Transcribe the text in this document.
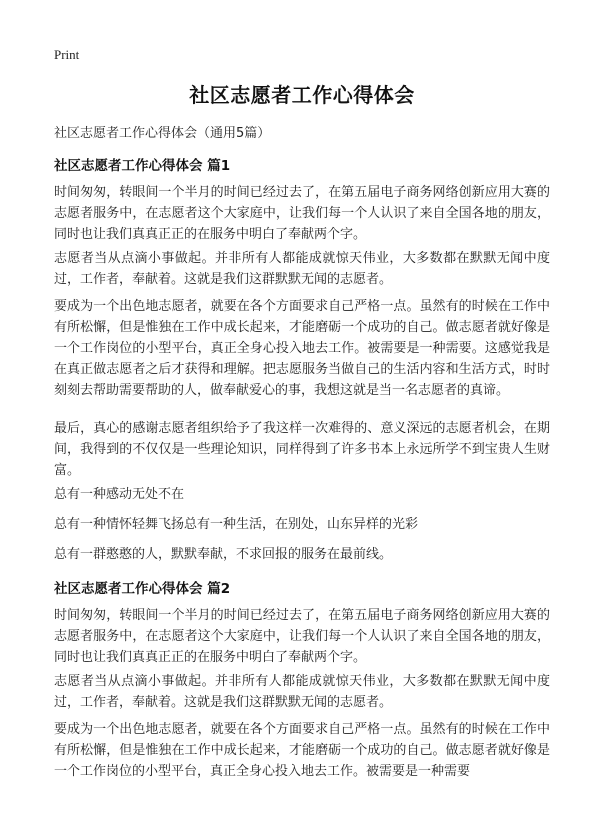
Print
社区志愿者工作心得体会
社区志愿者工作心得体会（通用5篇）
社区志愿者工作心得体会 篇1

时间匆匆，转眼间一个半月的时间已经过去了，在第五届电子商务网络创新应用大赛的志愿者服务中，在志愿者这个大家庭中，让我们每一个人认识了来自全国各地的朋友，同时也让我们真真正正的在服务中明白了奉献两个字。

志愿者当从点滴小事做起。并非所有人都能成就惊天伟业，大多数都在默默无闻中度过，工作者，奉献着。这就是我们这群默默无闻的志愿者。

要成为一个出色地志愿者，就要在各个方面要求自己严格一点。虽然有的时候在工作中有所松懈，但是惟独在工作中成长起来，才能磨砺一个成功的自己。做志愿者就好像是一个工作岗位的小型平台，真正全身心投入地去工作。被需要是一种需要。这感觉我是在真正做志愿者之后才获得和理解。把志愿服务当做自己的生活内容和生活方式，时时刻刻去帮助需要帮助的人，做奉献爱心的事，我想这就是当一名志愿者的真谛。

最后，真心的感谢志愿者组织给予了我这样一次难得的、意义深远的志愿者机会，在期间，我得到的不仅仅是一些理论知识，同样得到了许多书本上永远所学不到宝贵人生财富。

总有一种感动无处不在

总有一种情怀轻舞飞扬总有一种生活，在别处，山东异样的光彩

总有一群憨憨的人，默默奉献，不求回报的服务在最前线。

社区志愿者工作心得体会 篇2

时间匆匆，转眼间一个半月的时间已经过去了，在第五届电子商务网络创新应用大赛的志愿者服务中，在志愿者这个大家庭中，让我们每一个人认识了来自全国各地的朋友，同时也让我们真真正正的在服务中明白了奉献两个字。

志愿者当从点滴小事做起。并非所有人都能成就惊天伟业，大多数都在默默无闻中度过，工作者，奉献着。这就是我们这群默默无闻的志愿者。

要成为一个出色地志愿者，就要在各个方面要求自己严格一点。虽然有的时候在工作中有所松懈，但是惟独在工作中成长起来，才能磨砺一个成功的自己。做志愿者就好像是一个工作岗位的小型平台，真正全身心投入地去工作。被需要是一种需要
